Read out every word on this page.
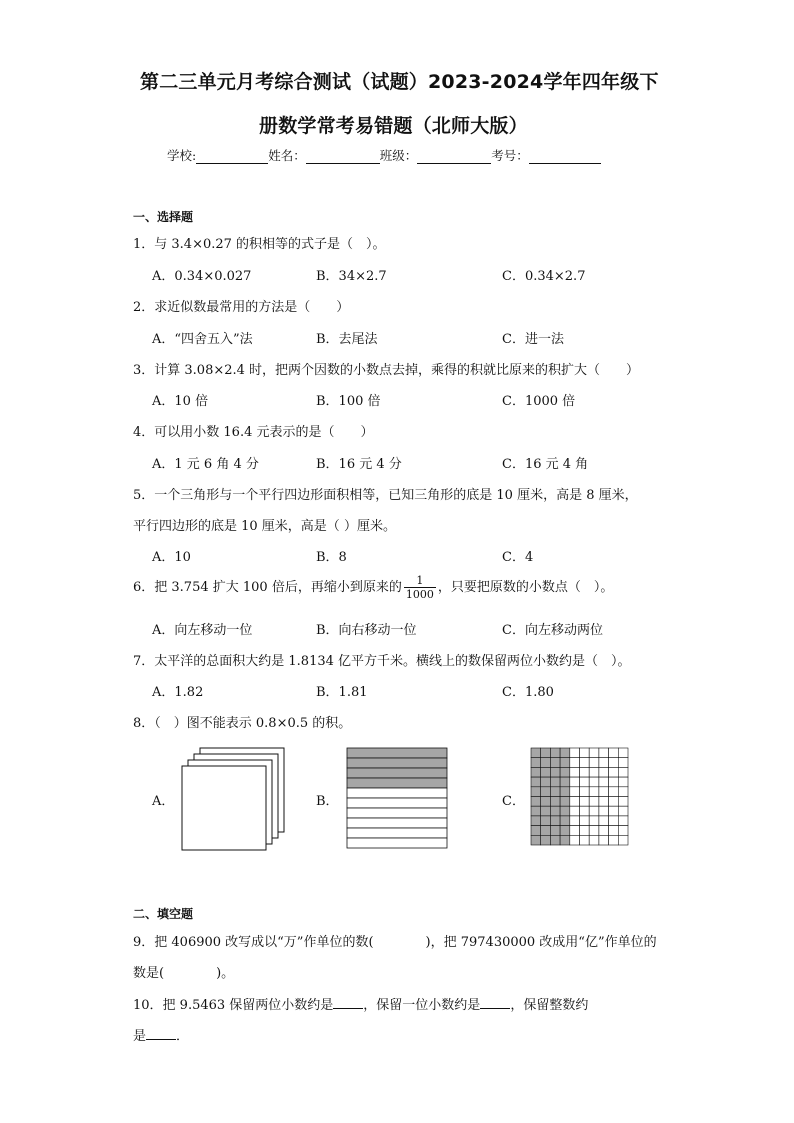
第二三单元月考综合测试（试题）2023-2024学年四年级下
册数学常考易错题（北师大版）
学校:	姓名：	班级：	考号：
一、选择题
1．与 3.4×0.27 的积相等的式子是（　）。
A．0.34×0.027	B．34×2.7	C．0.34×2.7
2．求近似数最常用的方法是（　　）
A．“四舍五入”法	B．去尾法	C．进一法
3．计算 3.08×2.4 时，把两个因数的小数点去掉，乘得的积就比原来的积扩大（　　）
A．10 倍	B．100 倍	C．1000 倍
4．可以用小数 16.4 元表示的是（　　）
A．1 元 6 角 4 分	B．16 元 4 分	C．16 元 4 角
5．一个三角形与一个平行四边形面积相等，已知三角形的底是 10 厘米，高是 8 厘米，
平行四边形的底是 10 厘米，高是（ ）厘米。
A．10	B．8	C．4
6．把 3.754 扩大 100 倍后，再缩小到原来的 $\frac{1}{1000}$ ，只要把原数的小数点（　）。
A．向左移动一位	B．向右移动一位	C．向左移动两位
7．太平洋的总面积大约是 1.8134 亿平方千米。横线上的数保留两位小数约是（　）。
A．1.82	B．1.81	C．1.80
8．（　）图不能表示 0.8×0.5 的积。
A．	B．	C．
二、填空题
9．把 406900 改写成以“万”作单位的数(　　　　)，把 797430000 改成用“亿”作单位的
数是(　　　　)。
10．把 9.5463 保留两位小数约是 ，保留一位小数约是 ，保留整数约
是 ．
